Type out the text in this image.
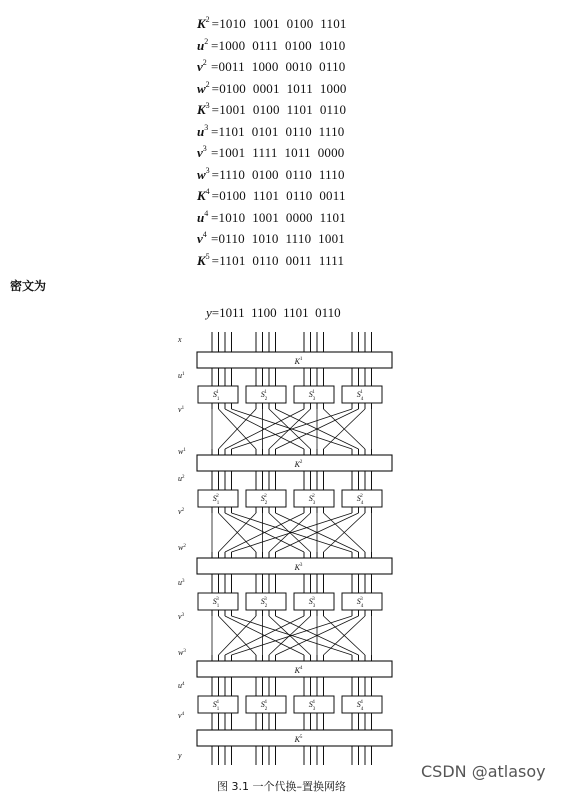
$K^2 =1010$  1001  0100  1101
$u^2 =1000$  0111  0100  1010
$v^2 =0011$  1000  0010  0110
$w^2 =0100$  0001  1011  1000
$K^3 =1001$  0100  1101  0110
$u^3 =1101$  0101  0110  1110
$v^3 =1001$  1111  1011  0000
$w^3 =1110$  0100  0110  1110
$K^4 =0100$  1101  0110  0011
$u^4 =1010$  1001  0000  1101
$v^4 =0110$  1010  1110  1001
$K^5 =1101$  0110  0011  1111
密文为
y=1011  1100  1101  0110
$K^1$
$S_11$	$S_21$	$S_31$	$S_41$
$K^2$
$S_12$	$S_22$	$S_32$	$S_42$
$K^3$
$S_13$	$S_23$	$S_33$	$S_43$
$K^4$
$S_14$	$S_24$	$S_34$	$S_44$
$K^5$
x
$u^1$
$v^1$
$w^1$
$u^2$
$v^2$
$w^2$
$u^3$
$v^3$
$w^3$
$u^4$
$v^4$
y
图 3.1 一个代换–置换网络
CSDN @atlasoy
